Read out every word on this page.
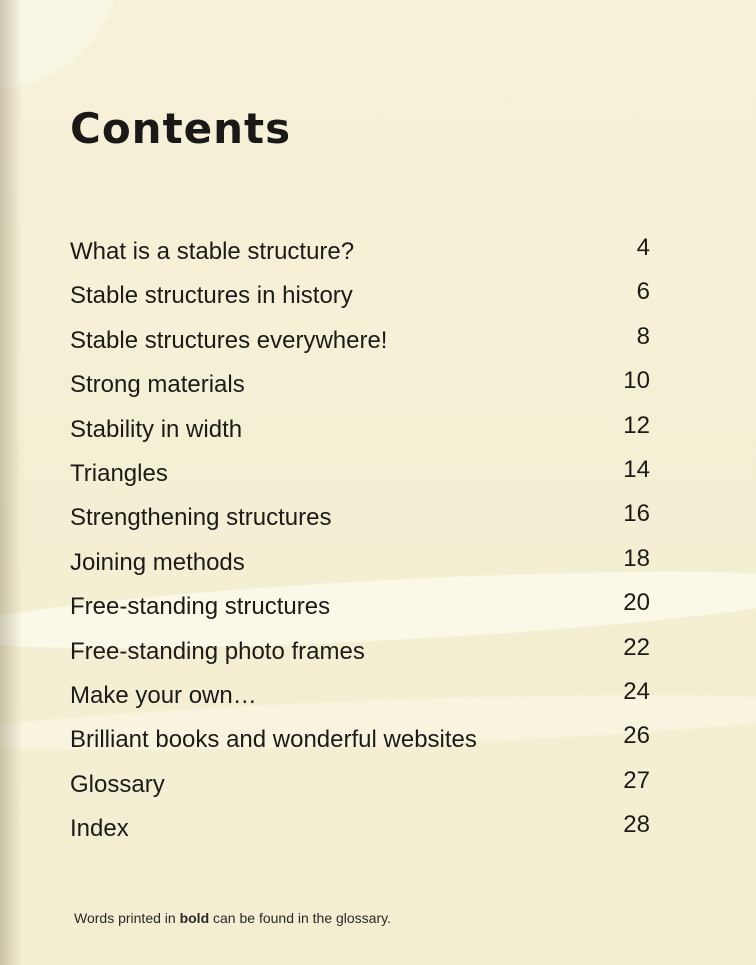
Contents
What is a stable structure?	4
Stable structures in history	6
Stable structures everywhere!	8
Strong materials	10
Stability in width	12
Triangles	14
Strengthening structures	16
Joining methods	18
Free-standing structures	20
Free-standing photo frames	22
Make your own…	24
Brilliant books and wonderful websites	26
Glossary	27
Index	28

Words printed in bold can be found in the glossary.
